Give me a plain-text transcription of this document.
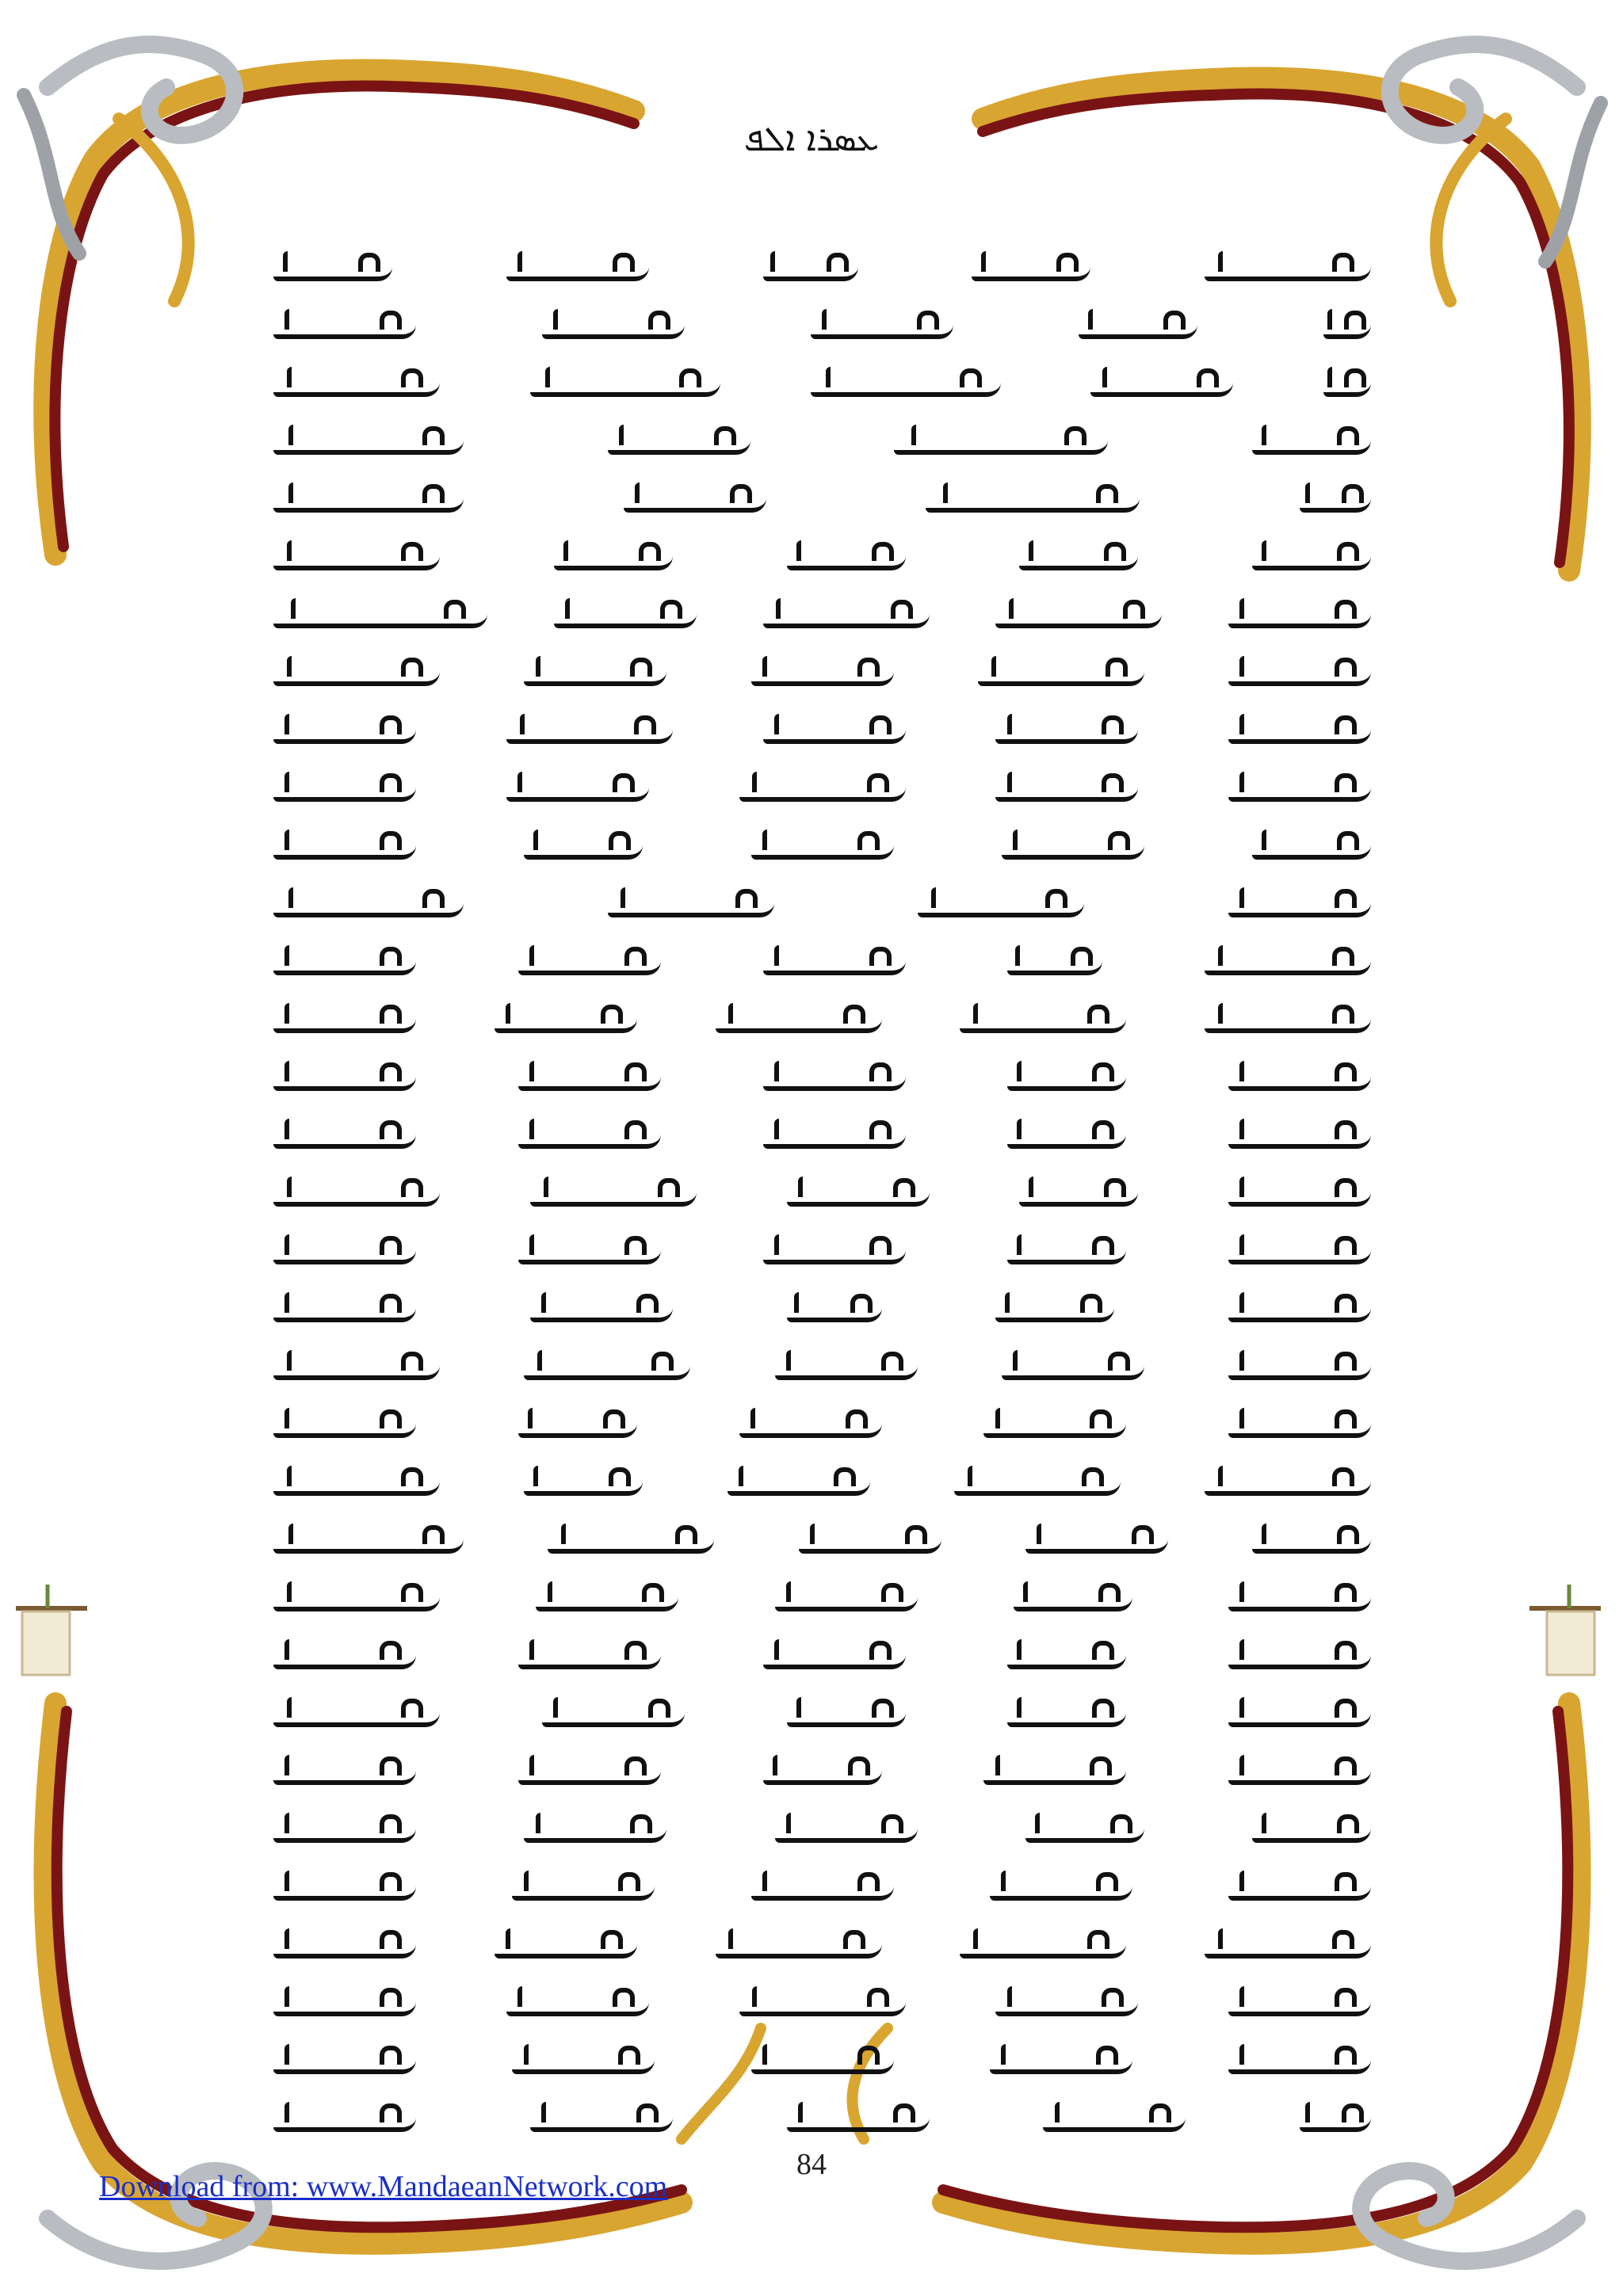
ܥܣܪܐ ܐܠܦ
84
Download from: www.MandaeanNetwork.com
